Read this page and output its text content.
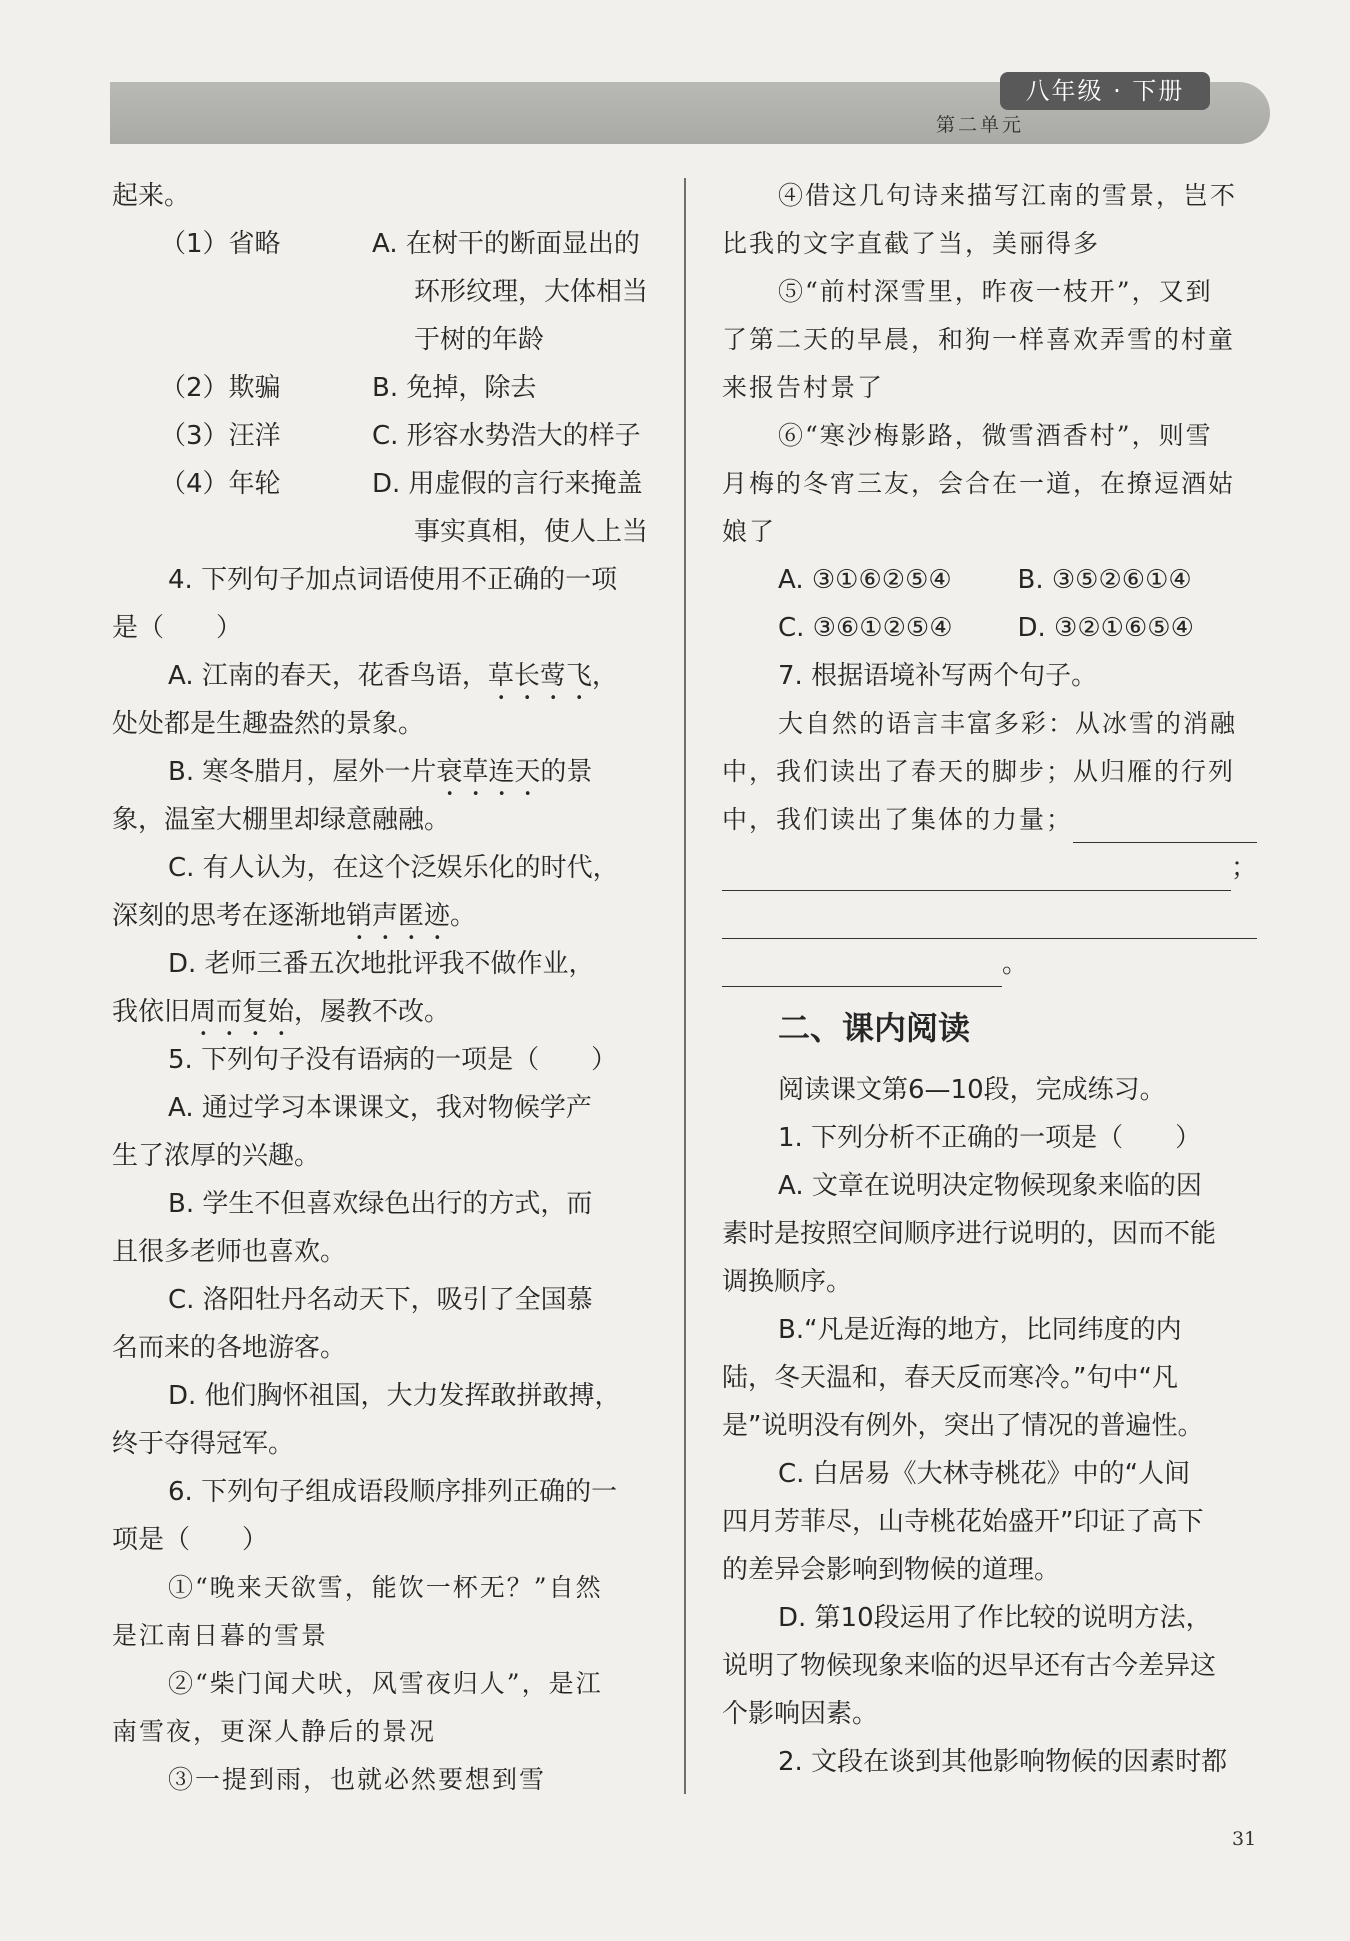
八年级 · 下册
第二单元
起来。
（1）省略	A. 在树干的断面显出的
环形纹理，大体相当
于树的年龄
（2）欺骗	B. 免掉，除去
（3）汪洋	C. 形容水势浩大的样子
（4）年轮	D. 用虚假的言行来掩盖
事实真相，使人上当
4. 下列句子加点词语使用不正确的一项
是（　　）
A. 江南的春天，花香鸟语，草长莺飞，
处处都是生趣盎然的景象。
B. 寒冬腊月，屋外一片衰草连天的景
象，温室大棚里却绿意融融。
C. 有人认为，在这个泛娱乐化的时代，
深刻的思考在逐渐地销声匿迹。
D. 老师三番五次地批评我不做作业，
我依旧周而复始，屡教不改。
5. 下列句子没有语病的一项是（　　）
A. 通过学习本课课文，我对物候学产
生了浓厚的兴趣。
B. 学生不但喜欢绿色出行的方式，而
且很多老师也喜欢。
C. 洛阳牡丹名动天下，吸引了全国慕
名而来的各地游客。
D. 他们胸怀祖国，大力发挥敢拼敢搏，
终于夺得冠军。
6. 下列句子组成语段顺序排列正确的一
项是（　　）
①“晚来天欲雪，能饮一杯无？”自然
是江南日暮的雪景
②“柴门闻犬吠，风雪夜归人”，是江
南雪夜，更深人静后的景况
③一提到雨，也就必然要想到雪
④借这几句诗来描写江南的雪景，岂不
比我的文字直截了当，美丽得多
⑤“前村深雪里，昨夜一枝开”，又到
了第二天的早晨，和狗一样喜欢弄雪的村童
来报告村景了
⑥“寒沙梅影路，微雪酒香村”，则雪
月梅的冬宵三友，会合在一道，在撩逗酒姑
娘了
A. ③①⑥②⑤④	B. ③⑤②⑥①④
C. ③⑥①②⑤④	D. ③②①⑥⑤④
7. 根据语境补写两个句子。
大自然的语言丰富多彩：从冰雪的消融
中，我们读出了春天的脚步；从归雁的行列
中，我们读出了集体的力量；
；
。
二、课内阅读
阅读课文第6—10段，完成练习。
1. 下列分析不正确的一项是（　　）
A. 文章在说明决定物候现象来临的因
素时是按照空间顺序进行说明的，因而不能
调换顺序。
B.“凡是近海的地方，比同纬度的内
陆，冬天温和，春天反而寒冷。”句中“凡
是”说明没有例外，突出了情况的普遍性。
C. 白居易《大林寺桃花》中的“人间
四月芳菲尽，山寺桃花始盛开”印证了高下
的差异会影响到物候的道理。
D. 第10段运用了作比较的说明方法，
说明了物候现象来临的迟早还有古今差异这
个影响因素。
2. 文段在谈到其他影响物候的因素时都
31
